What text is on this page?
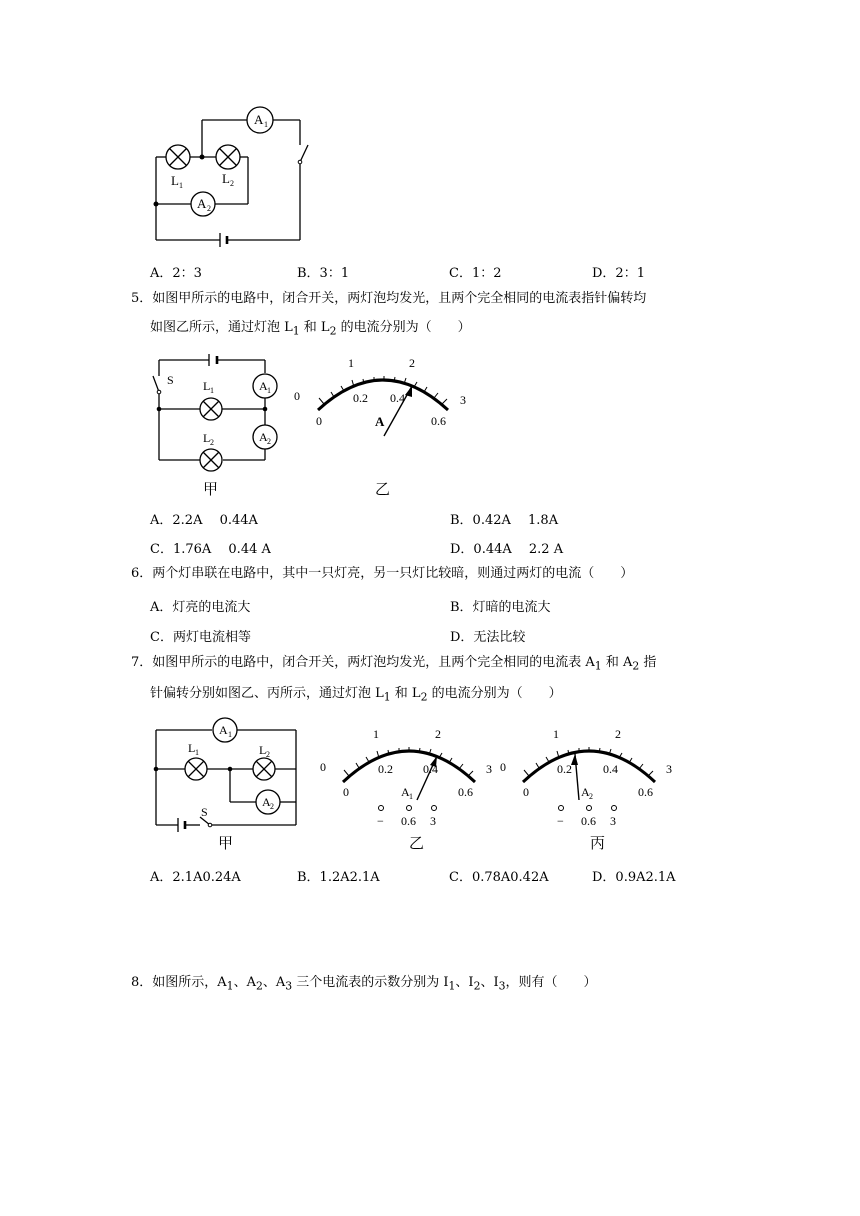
A 1
A 2
L 1	L 2
A．2：3	B．3：1	C．1：2	D．2：1
5．如图甲所示的电路中，闭合开关，两灯泡均发光，且两个完全相同的电流表指针偏转均
如图乙所示，通过灯泡 $L_1$ 和 $L_2$ 的电流分别为（　　）
S L 1
L 2
A 1
A 2
甲
0
1	2
3
0
0.2 0.4
0.6
A
乙
A．2.2A　 0.44A	B．0.42A　 1.8A
C．1.76A　 0.44 A	D．0.44A　 2.2 A
6．两个灯串联在电路中，其中一只灯亮，另一只灯比较暗，则通过两灯的电流（　　）
A．灯亮的电流大	B．灯暗的电流大
C．两灯电流相等	D．无法比较
7．如图甲所示的电路中，闭合开关，两灯泡均发光，且两个完全相同的电流表 $A_1$ 和 $A_2$ 指
针偏转分别如图乙、丙所示，通过灯泡 $L_1$ 和 $L_2$ 的电流分别为（　　）
A 1
A 2
L 1	L 2
S
甲
0
1	2
3
0
0.2	0.4
0.6
A 1
− 0.6 3
乙
0
1	2
3
0
0.2	0.4
0.6
A 2
− 0.6 3
丙
A．2.1A0.24A	B．1.2A2.1A	C．0.78A0.42A	D．0.9A2.1A
8．如图所示，$A_1$、$A_2$、$A_3$ 三个电流表的示数分别为 $I_1$、$I_2$、$I_3$，则有（　　）
